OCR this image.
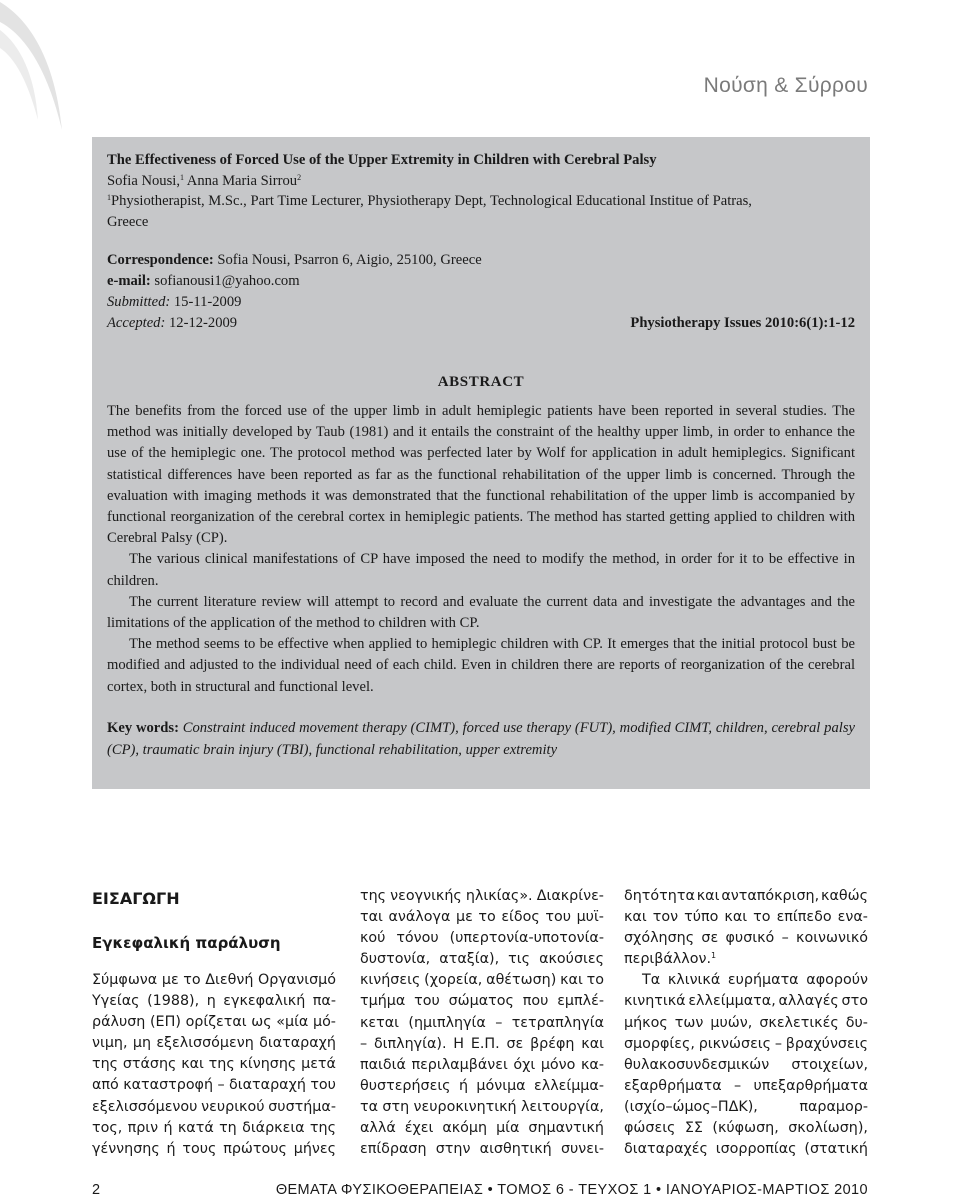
Νούση & Σύρρου
The Effectiveness of Forced Use of the Upper Extremity in Children with Cerebral Palsy
Sofia Nousi,$^1$ Anna Maria Sirrou$^2$
$^1$Physiotherapist, M.Sc., Part Time Lecturer, Physiotherapy Dept, Technological Educational Institue of Patras,
Greece
Correspondence: Sofia Nousi, Psarron 6, Aigio, 25100, Greece
e-mail: sofianousi1@yahoo.com
Submitted: 15-11-2009
Accepted: 12-12-2009	Physiotherapy Issues 2010:6(1):1-12
ABSTRACT

The benefits from the forced use of the upper limb in adult hemiplegic patients have been reported in several studies. The method was initially developed by Taub (1981) and it entails the constraint of the healthy upper limb, in order to enhance the use of the hemiplegic one. The protocol method was perfected later by Wolf for application in adult hemiplegics. Significant statistical differences have been reported as far as the functional rehabilitation of the upper limb is concerned. Through the evaluation with imaging methods it was demonstrated that the functional rehabilitation of the upper limb is accompanied by functional reorganization of the cerebral cortex in hemiplegic patients. The method has started getting applied to children with Cerebral Palsy (CP).

The various clinical manifestations of CP have imposed the need to modify the method, in order for it to be effective in children.

The current literature review will attempt to record and evaluate the current data and investigate the advantages and the limitations of the application of the method to children with CP.

The method seems to be effective when applied to hemiplegic children with CP. It emerges that the initial protocol bust be modified and adjusted to the individual need of each child. Even in children there are reports of reorganization of the cerebral cortex, both in structural and functional level.

Key words: Constraint induced movement therapy (CIMT), forced use therapy (FUT), modified CIMT, children, cerebral palsy (CP), traumatic brain injury (TBI), functional rehabilitation, upper extremity
ΕΙΣΑΓΩΓΗ
Εγκεφαλική παράλυση
Σύμφωνα με το Διεθνή Οργανισμό
Υγείας (1988), η εγκεφαλική πα-
ράλυση (ΕΠ) ορίζεται ως «μία μό-
νιμη, μη εξελισσόμενη διαταραχή
της στάσης και της κίνησης μετά
από καταστροφή – διαταραχή του
εξελισσόμενου νευρικού συστήμα-
τος, πριν ή κατά τη διάρκεια της
γέννησης ή τους πρώτους μήνες
της νεογνικής ηλικίας». Διακρίνε-
ται ανάλογα με το είδος του μυϊ-
κού τόνου (υπερτονία-υποτονία-
δυστονία, αταξία), τις ακούσιες
κινήσεις (χορεία, αθέτωση) και το
τμήμα του σώματος που εμπλέ-
κεται (ημιπληγία – τετραπληγία
– διπληγία). Η Ε.Π. σε βρέφη και
παιδιά περιλαμβάνει όχι μόνο κα-
θυστερήσεις ή μόνιμα ελλείμμα-
τα στη νευροκινητική λειτουργία,
αλλά έχει ακόμη μία σημαντική
επίδραση στην αισθητική συνει-
δητότητα και ανταπόκριση, καθώς
και τον τύπο και το επίπεδο ενα-
σχόλησης σε φυσικό – κοινωνικό
περιβάλλον.$^1$
Τα κλινικά ευρήματα αφορούν
κινητικά ελλείμματα, αλλαγές στο
μήκος των μυών, σκελετικές δυ-
σμορφίες, ρικνώσεις – βραχύνσεις
θυλακοσυνδεσμικών στοιχείων,
εξαρθρήματα – υπεξαρθρήματα
(ισχίο–ώμος–ΠΔΚ),	παραμορ-
φώσεις ΣΣ (κύφωση, σκολίωση),
διαταραχές ισορροπίας (στατική
2	ΘΕΜΑΤΑ ΦΥΣΙΚΟΘΕΡΑΠΕΙΑΣ • ΤΟΜΟΣ 6 - ΤΕΥΧΟΣ 1 • ΙΑΝΟΥΑΡΙΟΣ-ΜΑΡΤΙΟΣ 2010
